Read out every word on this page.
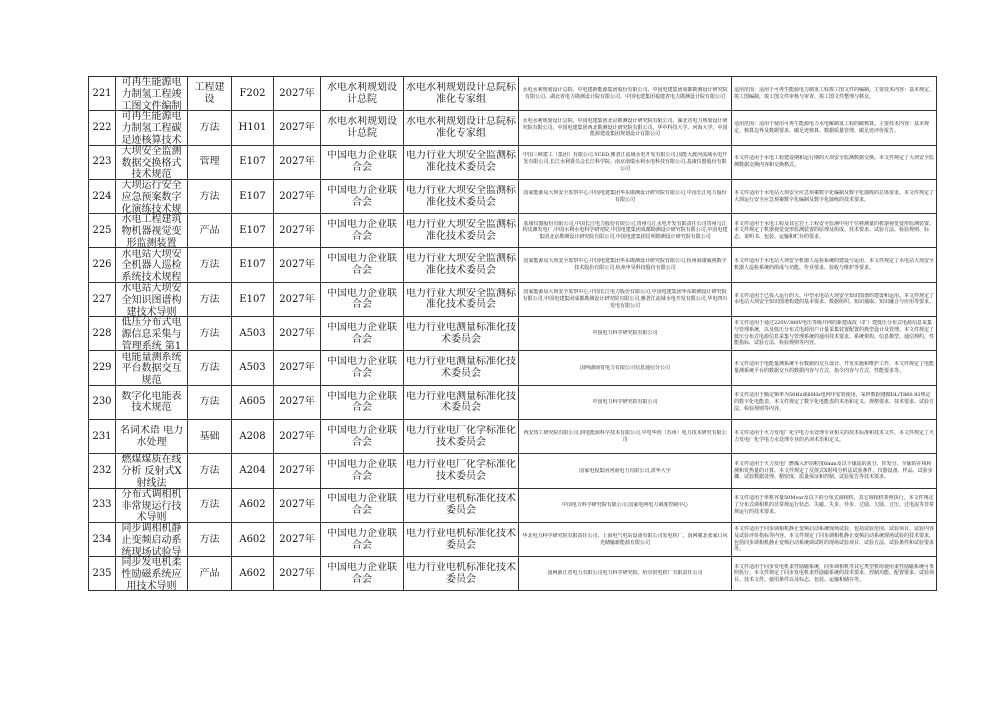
221	可再生能源电力制氢工程竣工图文件编制	工程建设	F202	2027年	水电水利规划设计总院	水电水利规划设计总院标准化专家组	水电水利规划设计总院、中电建新能源集团股份有限公司、中国电建集团成都勘测设计研究院有限公司、湖北省电力勘测设计院有限公司、中国电建集团福建省电力勘测设计院有限公司	适用范围：适用于可再生能源电力制氢工程竣工图文件的编制。主要技术内容：基本规定、竣工图编制、竣工图文件审核与审查、竣工图文件整理与移交。

222	可再生能源电力制氢工程碳足迹核算技术	方法	H101	2027年	水电水利规划设计总院	水电水利规划设计总院标准化专家组	水电水利规划设计总院、中国电建集团北京勘测设计研究院有限公司、湖北省电力规划设计研究院有限公司、中国电建集团西北勘测设计研究院有限公司、华中科技大学、河海大学、中国能源建设集团规划设计有限公司	适用范围：适用于使用可再生能源电力水电解制氢工程的碳核算。主要技术内容：基本规定、核算边界及数据要求、碳足迹核算、数据质量管理、碳足迹评价报告。

223	大坝安全监测数据交换格式技术规范	管理	E107	2027年	中国电力企业联合会	电力行业大坝安全监测标准化技术委员会	中国三峡建工（集团）有限公司,YCED,雅砻江流域水电开发有限公司,国能大渡河流域水电开发有限公司,长江水利委员会长江科学院、南京南瑞水利水电科技有限公司,基康仪器股份有限公司	本文件适用于水电工程建设期和运行期的大坝安全监测数据交换。本文件规定了大坝安全监测数据交换内容和交换格式。

224	大坝运行安全应急预案数字化演练技术规	方法	E107	2027年	中国电力企业联合会	电力行业大坝安全监测标准化技术委员会	国家能源局大坝安全监察中心,中国电建集团华东勘测设计研究院有限公司,中国长江电力股份有限公司	本文件适用于水电站大坝安全应急预案数字化编制及数字化演练的总体要求，本文件规定了大坝运行安全应急预案数字化编制及数字化演练的技术要求。

225	水电工程建筑物机器视觉变形监测装置	产品	E107	2027年	中国电力企业联合会	电力行业大坝安全监测标准化技术委员会	基康仪器股份有限公司,中国长江电力股份有限公司,贵州乌江水电开发有限责任公司贵州乌江构皮滩发电厂,中国水利水电科学研究院,中国电建集团成都勘测设计研究院有限公司,中国电建集团北京勘测设计研究院有限公司,中国电建集团昆明勘测设计研究院有限公司	本文件适用于水电工程及其它岩土工程安全监测中用于位移测量的机器视觉变形监测装置。本文件规定了机器视觉变形监测装置的原理及组成、技术要求、试验方法、检验规则、标志、说明书、包装、运输和贮存的要求。

226	水电站大坝安全机器人巡检系统技术规程	方法	E107	2027年	中国电力企业联合会	电力行业大坝安全监测标准化技术委员会	国家能源局大坝安全监察中心,中国电建集团华东勘测设计研究院有限公司,杭州海康威视数字技术股份有限公司,杭州申昊科技股份有限公司	本文件适用于水电站大坝安全机器人巡检系统的建设与运用。本文件规定了水电站大坝安全机器人巡检系统的组成与功能、作业要求、验收与维护等要求。

227	水电站大坝安全知识图谱构建技术导则	方法	E107	2027年	中国电力企业联合会	电力行业大坝安全监测标准化技术委员会	国家能源局大坝安全监察中心,中国长江电力股份有限公司,中国电建集团华东勘测设计研究院有限公司,中国电建集团成都勘测设计研究院有限公司,雅砻江流域水电开发有限公司,华电四川发电有限公司	本文件适用于已投入运行的大、中型水电站大坝安全知识图谱的建设和运用。本文件规定了水电站大坝安全知识图谱构建的基本要求、数据组织、知识抽取、知识融合与应用等要求。

228	低压分布式电源信息采集与管理系统 第1	方法	A503	2027年	中国电力企业联合会	电力行业电测量标准化技术委员会	中国电力科学研究院有限公司	本文件适用于通过220V/380V电压等级并网的新建或改（扩）建低压分布式电源信息采集与管理系统，以及低压分布式电源用户计量采集装置配置的典型设计及管理。本文件规定了低压分布式电源信息采集与管理系统的通用技术要求、系统架构、信息模型、通信规约、性能指标、试验方法、检验规则等内容。

229	电能量测系统平台数据交互规范	方法	A503	2027年	中国电力企业联合会	电力行业电测量标准化技术委员会	国网湖南省电力有限公司信息通信分公司	本文件适用于电能量测系统平台数据的交互设计、开发实施和维护工作。本文件规定了电能量测系统平台的数据交互的数据内容与方式、指令内容与方式、性能要求等。

230	数字化电能表技术规范	方法	A605	2027年	中国电力企业联合会	电力行业电测量标准化技术委员会	中国电力科学研究院有限公司	本文件适用于额定频率为50Hz或60Hz电网中安装使用，采样数据遵循DL/T860.92规定的数字化电能表。本文件规定了数字化电能表的术语和定义、规格要求、技术要求、试验方法、检验规则等内容。

231	名词术语 电力水处理	基础	A208	2027年	中国电力企业联合会	电力行业电厂化学标准化技术委员会	西安热工研究院有限公司,润电能源科学技术有限公司,中电华创（苏州）电力技术研究有限公司	本文件适用于火力发电厂化学电力水处理专业相关的技术标准和技术文件。本文件规定了火力发电厂化学电力水处理专业的名词术语和定义。

232	燃煤煤质在线分析 反射式X射线法	方法	A204	2027年	中国电力企业联合会	电力行业电厂化学标准化技术委员会	国家电投集团河南电力有限公司,清华大学	本文件适用于火力发电厂燃煤入炉前粒度6mm及以下煤流的灰分、挥发分、全硫的在线检测和发热量的计算。本文件规定了反射式X射线分析法试验条件、仪器设备、样品、试验步骤、试验数据处理、精密度、质量保证和控制、试验报告等技术要求。

233	分布式调相机非常规运行技术导则	方法	A602	2027年	中国电力企业联合会	电力行业电机标准化技术委员会	中国电力科学研究院有限公司,国家电网电力调度控制中心	本文件适用于单机容量50Mvar及以下的分布式调相机，其它调相机参照执行。本文件规定了分布式调相机的非常规运行状态、失磁、失步、异步、过励、欠励、过压、过电流等非常规运行的技术要求。

234	同步调相机静止变频启动系统现场试验导	方法	A602	2027年	中国电力企业联合会	电力行业电机标准化技术委员会	华北电力科学研究院有限责任公司、上海电气电站设备有限公司发电机厂、国网冀北张家口风光储输新能源有限公司	本文件适用于同步调相机静止变频启动系统现场试验，包括试验范围、试验项目、试验内容及试验评价指标等内容。本文件规定了同步调相机静止变频启动系统现场试验的技术要求，包括同步调相机静止变频启动系统调试时的现场试验项目、试验方法、试验条件和试验要求等。

235	同步发电机柔性励磁系统应用技术导则	产品	A602	2027年	中国电力企业联合会	电力行业电机标准化技术委员会	国网浙江省电力有限公司电力科学研究院、哈尔滨电机厂有限责任公司	本文件适用于同步发电机柔性励磁系统，同步调相机等其它类型机组使用柔性励磁系统可参照执行。本文件规定了同步发电机柔性励磁系统的技术要求、控制功能、配置要求、试验项目、技术文件、使用条件以及标志、包装、运输和储存等。
